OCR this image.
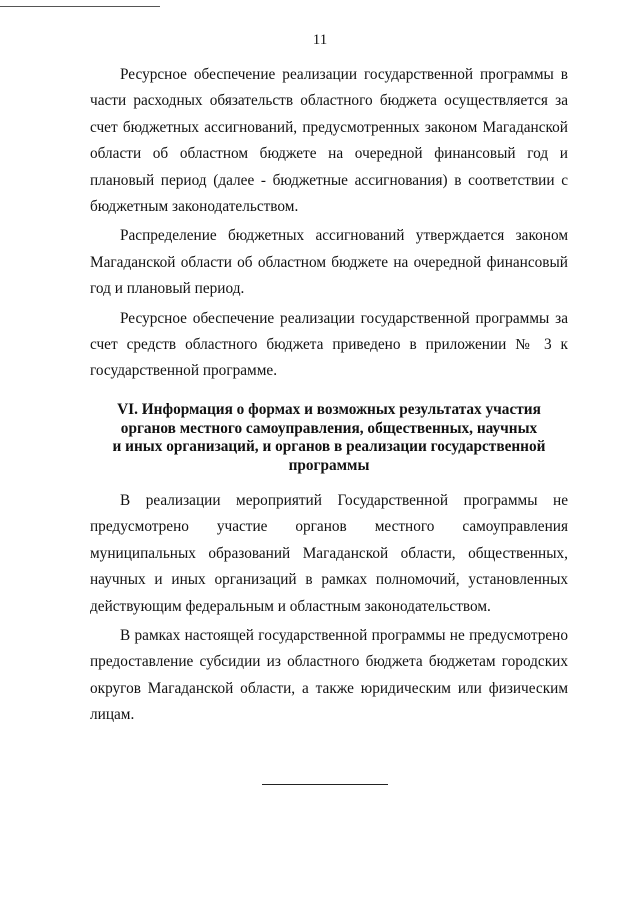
11

Ресурсное обеспечение реализации государственной программы в части расходных обязательств областного бюджета осуществляется за счет бюджетных ассигнований, предусмотренных законом Магаданской области об областном бюджете на очередной финансовый год и плановый период (далее - бюджетные ассигнования) в соответствии с бюджетным законодательством.

Распределение бюджетных ассигнований утверждается законом Магаданской области об областном бюджете на очередной финансовый год и плановый период.

Ресурсное обеспечение реализации государственной программы за счет средств областного бюджета приведено в приложении № 3 к государственной программе.

VI. Информация о формах и возможных результатах участия
органов местного самоуправления, общественных, научных
и иных организаций, и органов в реализации государственной
программы

В реализации мероприятий Государственной программы не предусмотрено участие органов местного самоуправления муниципальных образований Магаданской области, общественных, научных и иных организаций в рамках полномочий, установленных действующим федеральным и областным законодательством.

В рамках настоящей государственной программы не предусмотрено предоставление субсидии из областного бюджета бюджетам городских округов Магаданской области, а также юридическим или физическим лицам.
